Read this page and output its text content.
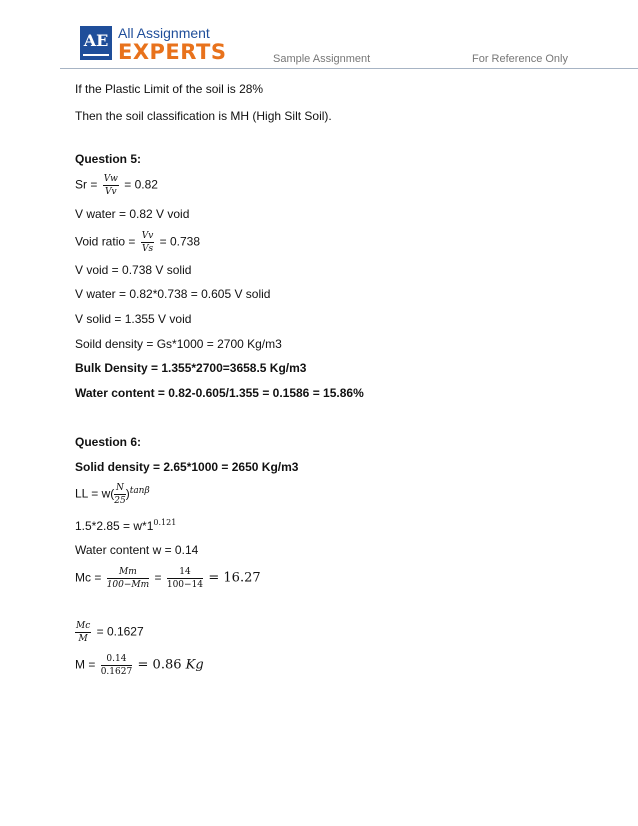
AE All Assignment
EXPERTS	Sample Assignment	For Reference Only
If the Plastic Limit of the soil is 28%
Then the soil classification is MH (High Silt Soil).
Question 5:
$Sr = \frac{Vw}{Vv} = 0.82$
V water = 0.82 V void
Void ratio = $\frac{Vv}{Vs} = 0.738$
V void = 0.738 V solid
V water = 0.82*0.738 = 0.605 V solid
V solid = 1.355 V void
Soild density = Gs*1000 = 2700 Kg/m3
Bulk Density = 1.355*2700=3658.5 Kg/m3
Water content = 0.82-0.605/1.355 = 0.1586 = 15.86%
Question 6:
Solid density = 2.65*1000 = 2650 Kg/m3
LL = $w( \frac{N}{25} )^{tan\beta}$
$1.5*2.85 = w*1^{0.121}$
Water content w = 0.14
$Mc = \frac{Mm}{100-Mm} = \frac{14}{100-14} = 16.27$
$\frac{Mc}{M} = 0.1627$
$M = \frac{0.14}{0.1627} = 0.86$ Kg
